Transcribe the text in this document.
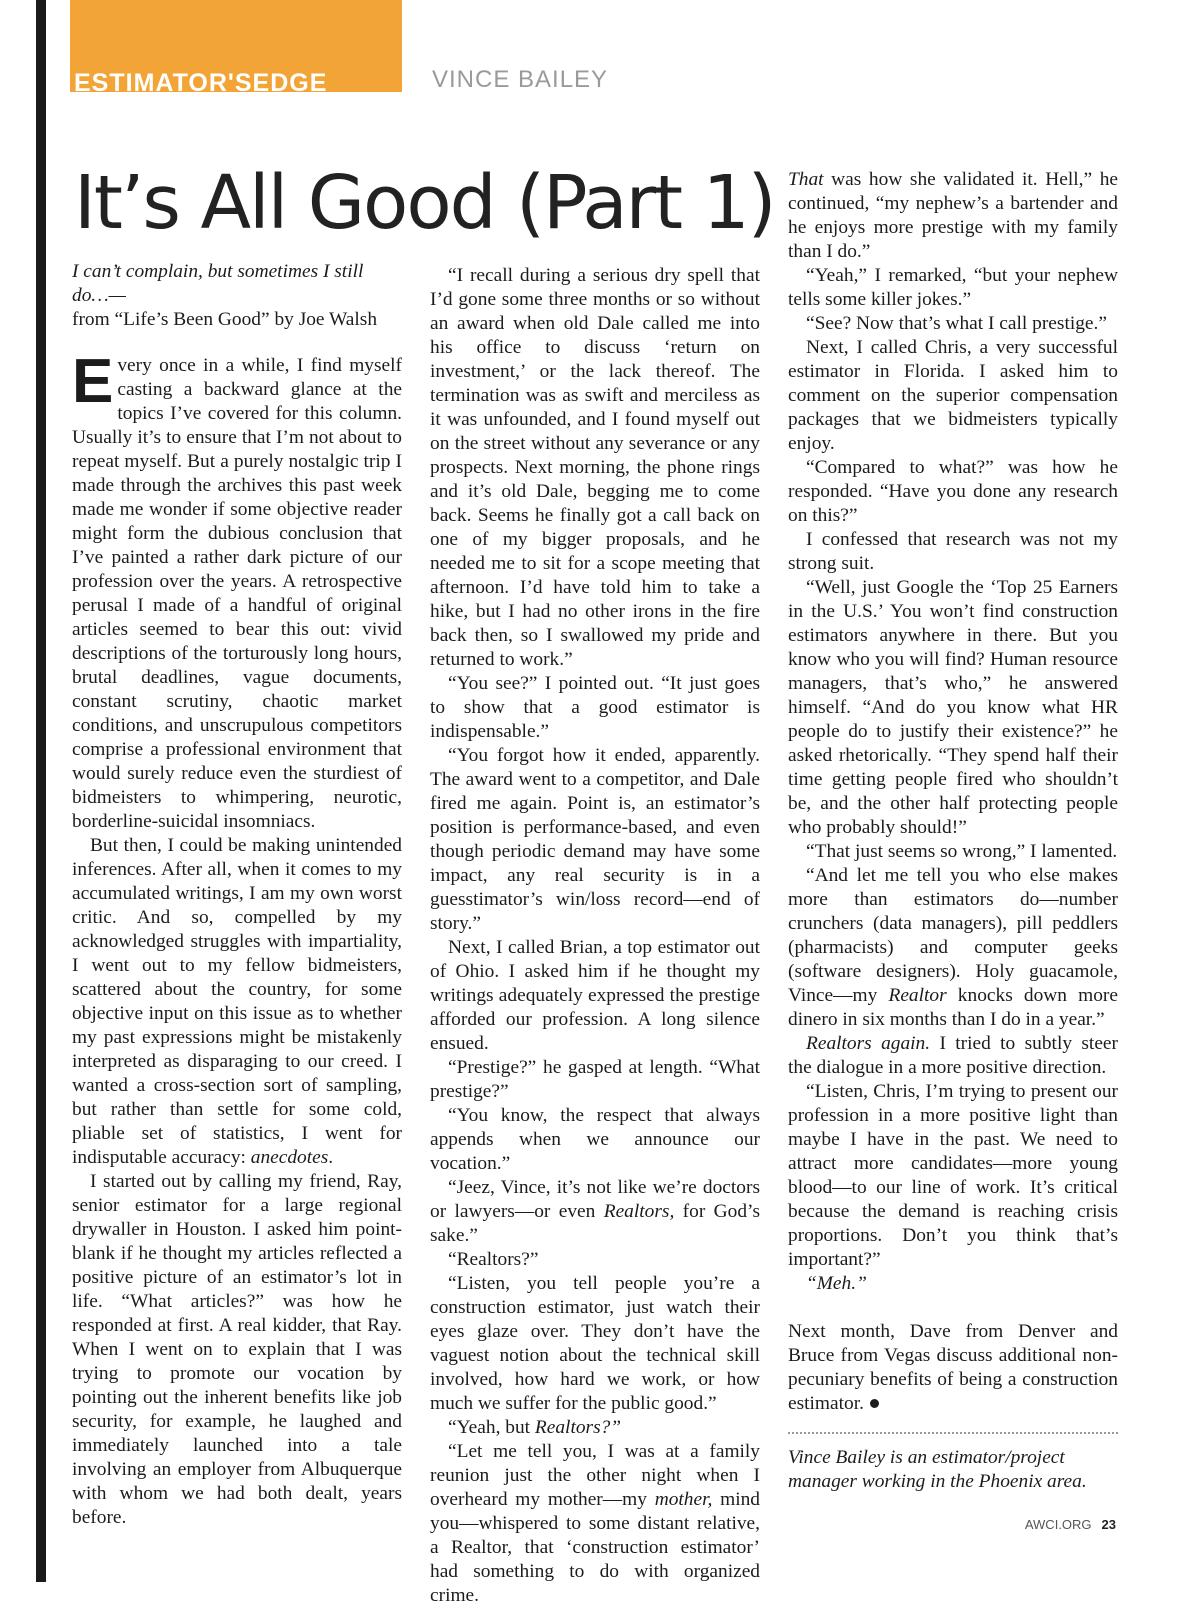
ESTIMATOR'SEDGE	VINCE BAILEY
It’s All Good (Part 1)

I can’t complain, but sometimes I still do…—

from “Life’s Been Good” by Joe Walsh

Every once in a while, I find myself casting a backward glance at the topics I’ve covered for this column. Usually it’s to ensure that I’m not about to repeat myself. But a purely nostalgic trip I made through the archives this past week made me wonder if some objective reader might form the dubious conclusion that I’ve painted a rather dark picture of our profession over the years. A retrospective perusal I made of a handful of original articles seemed to bear this out: vivid descriptions of the torturously long hours, brutal deadlines, vague documents, constant scrutiny, chaotic market conditions, and unscrupulous competitors comprise a professional environment that would surely reduce even the sturdiest of bidmeisters to whimpering, neurotic, borderline-suicidal insomniacs.

But then, I could be making unintended inferences. After all, when it comes to my accumulated writings, I am my own worst critic. And so, compelled by my acknowledged struggles with impartiality, I went out to my fellow bidmeisters, scattered about the country, for some objective input on this issue as to whether my past expressions might be mistakenly interpreted as disparaging to our creed. I wanted a cross-section sort of sampling, but rather than settle for some cold, pliable set of statistics, I went for indisputable accuracy: anecdotes.

I started out by calling my friend, Ray, senior estimator for a large regional drywaller in Houston. I asked him point-blank if he thought my articles reflected a positive picture of an estimator’s lot in life. “What articles?” was how he responded at first. A real kidder, that Ray. When I went on to explain that I was trying to promote our vocation by pointing out the inherent benefits like job security, for example, he laughed and immediately launched into a tale involving an employer from Albuquerque with whom we had both dealt, years before.

“I recall during a serious dry spell that I’d gone some three months or so without an award when old Dale called me into his office to discuss ‘return on investment,’ or the lack thereof. The termination was as swift and merciless as it was unfounded, and I found myself out on the street without any severance or any prospects. Next morning, the phone rings and it’s old Dale, begging me to come back. Seems he finally got a call back on one of my bigger proposals, and he needed me to sit for a scope meeting that afternoon. I’d have told him to take a hike, but I had no other irons in the fire back then, so I swallowed my pride and returned to work.”

“You see?” I pointed out. “It just goes to show that a good estimator is indispensable.”

“You forgot how it ended, apparently. The award went to a competitor, and Dale fired me again. Point is, an estimator’s position is performance-based, and even though periodic demand may have some impact, any real security is in a guesstimator’s win/loss record—end of story.”

Next, I called Brian, a top estimator out of Ohio. I asked him if he thought my writings adequately expressed the prestige afforded our profession. A long silence ensued.

“Prestige?” he gasped at length. “What prestige?”

“You know, the respect that always appends when we announce our vocation.”

“Jeez, Vince, it’s not like we’re doctors or lawyers—or even Realtors, for God’s sake.”

“Realtors?”

“Listen, you tell people you’re a construction estimator, just watch their eyes glaze over. They don’t have the vaguest notion about the technical skill involved, how hard we work, or how much we suffer for the public good.”

“Yeah, but Realtors?”

“Let me tell you, I was at a family reunion just the other night when I overheard my mother—my mother, mind you—whispered to some distant relative, a Realtor, that ‘construction estimator’ had something to do with organized crime.

That was how she validated it. Hell,” he continued, “my nephew’s a bartender and he enjoys more prestige with my family than I do.”

“Yeah,” I remarked, “but your nephew tells some killer jokes.”

“See? Now that’s what I call prestige.”

Next, I called Chris, a very successful estimator in Florida. I asked him to comment on the superior compensation packages that we bidmeisters typically enjoy.

“Compared to what?” was how he responded. “Have you done any research on this?”

I confessed that research was not my strong suit.

“Well, just Google the ‘Top 25 Earners in the U.S.’ You won’t find construction estimators anywhere in there. But you know who you will find? Human resource managers, that’s who,” he answered himself. “And do you know what HR people do to justify their existence?” he asked rhetorically. “They spend half their time getting people fired who shouldn’t be, and the other half protecting people who probably should!”

“That just seems so wrong,” I lamented.

“And let me tell you who else makes more than estimators do—number crunchers (data managers), pill peddlers (pharmacists) and computer geeks (software designers). Holy guacamole, Vince—my Realtor knocks down more dinero in six months than I do in a year.”

Realtors again. I tried to subtly steer the dialogue in a more positive direction.

“Listen, Chris, I’m trying to present our profession in a more positive light than maybe I have in the past. We need to attract more candidates—more young blood—to our line of work. It’s critical because the demand is reaching crisis proportions. Don’t you think that’s important?”

“Meh.”

Next month, Dave from Denver and Bruce from Vegas discuss additional non-pecuniary benefits of being a construction estimator.

Vince Bailey is an estimator/project manager working in the Phoenix area.

AWCI.ORG 23
